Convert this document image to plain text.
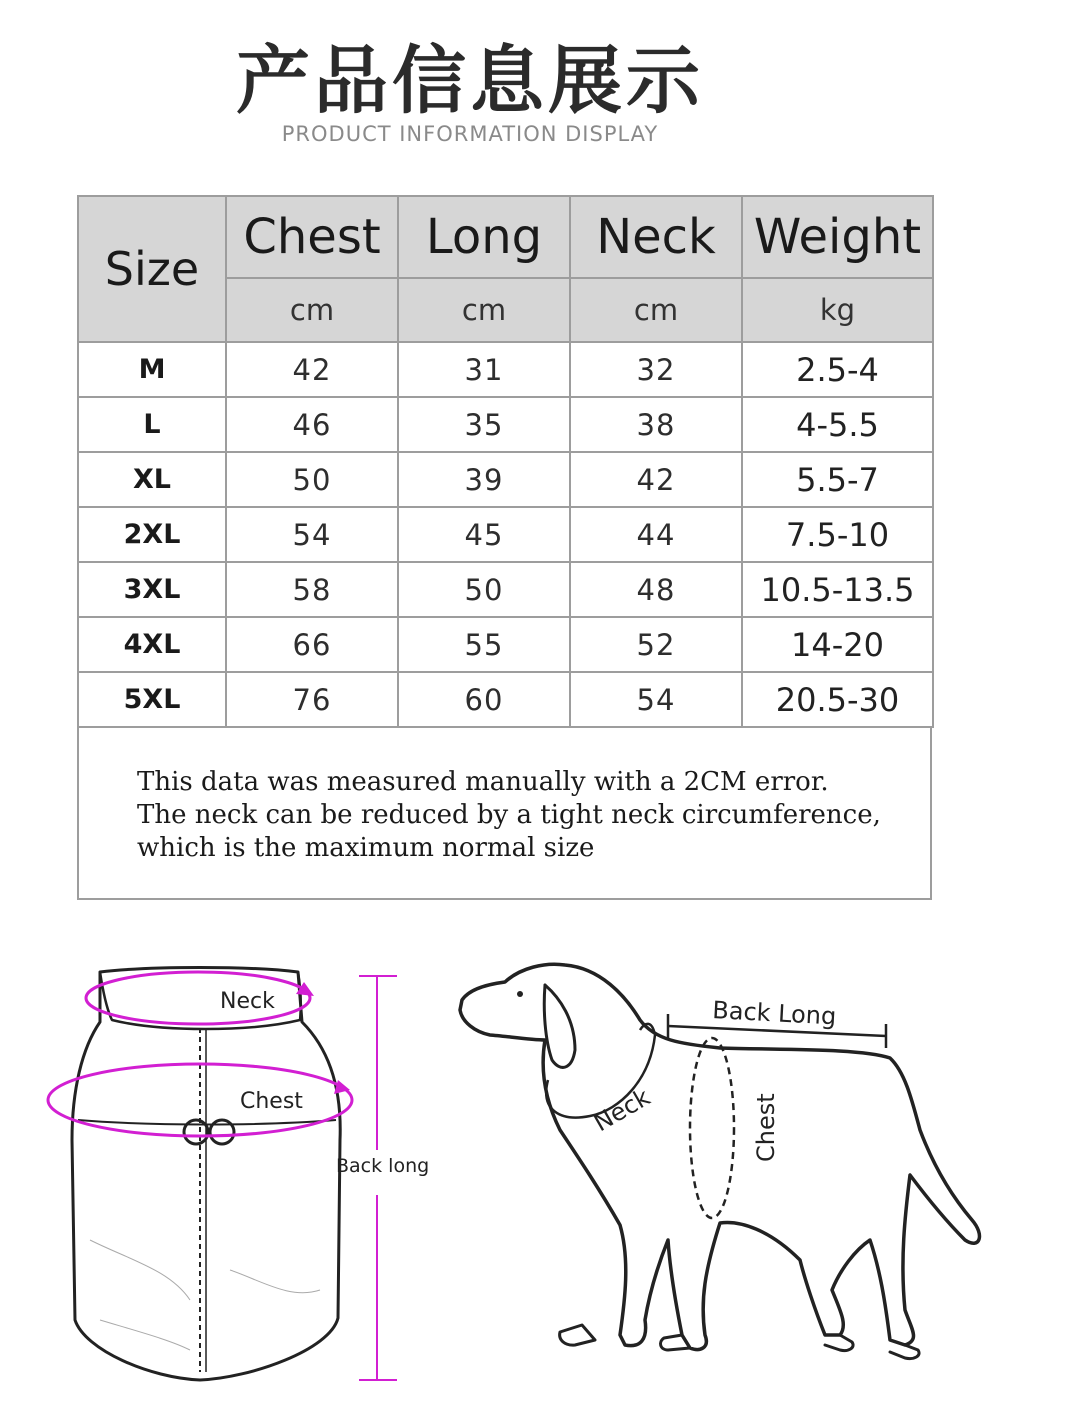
产品信息展示
PRODUCT INFORMATION DISPLAY
Size	Chest	Long	Neck	Weight
	cm	cm	cm	kg
M	42	31	32	2.5-4
L	46	35	38	4-5.5
XL	50	39	42	5.5-7
2XL	54	45	44	7.5-10
3XL	58	50	48	10.5-13.5
4XL	66	55	52	14-20
5XL	76	60	54	20.5-30

This data was measured manually with a 2CM error.
The neck can be reduced by a tight neck circumference,
which is the maximum normal size

Neck
Chest
Back long
Back Long
Neck	Chest
